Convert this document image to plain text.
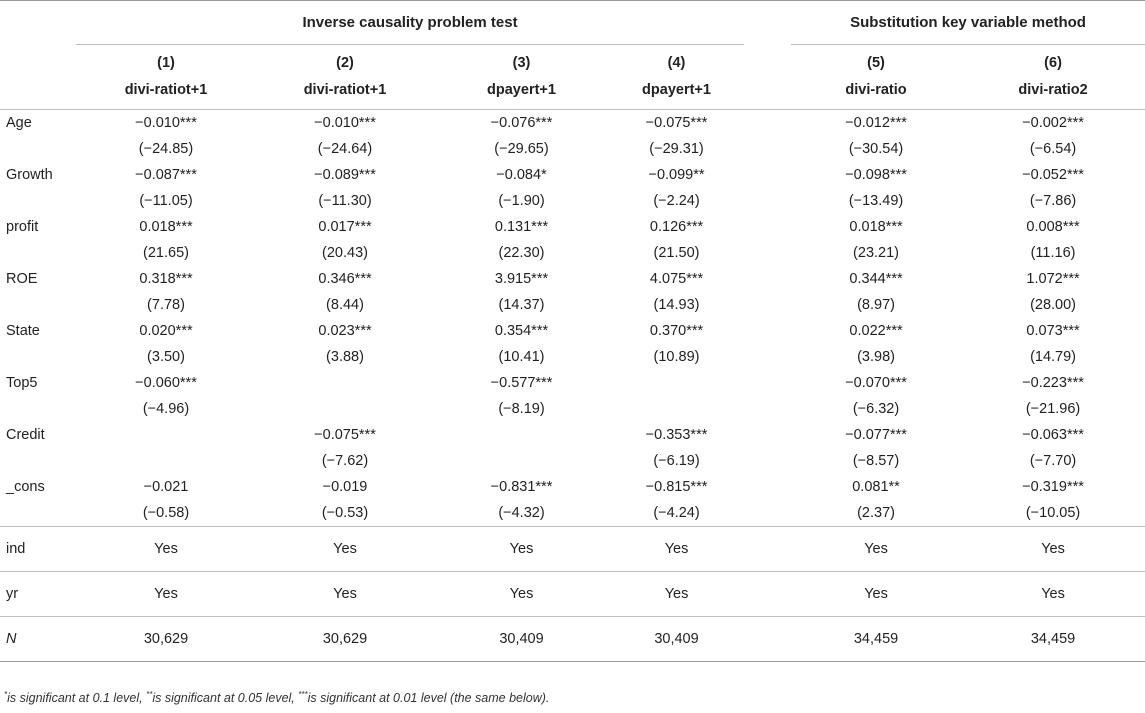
	Inverse causality problem test					Substitution key variable method	
	(1)	(2)	(3)	(4)		(5)	(6)
	divi-ratiot+1	divi-ratiot+1	dpayert+1	dpayert+1		divi-ratio	divi-ratio2
Age	−0.010***	−0.010***	−0.076***	−0.075***		−0.012***	−0.002***
	(−24.85)	(−24.64)	(−29.65)	(−29.31)		(−30.54)	(−6.54)
Growth	−0.087***	−0.089***	−0.084*	−0.099**		−0.098***	−0.052***
	(−11.05)	(−11.30)	(−1.90)	(−2.24)		(−13.49)	(−7.86)
profit	0.018***	0.017***	0.131***	0.126***		0.018***	0.008***
	(21.65)	(20.43)	(22.30)	(21.50)		(23.21)	(11.16)
ROE	0.318***	0.346***	3.915***	4.075***		0.344***	1.072***
	(7.78)	(8.44)	(14.37)	(14.93)		(8.97)	(28.00)
State	0.020***	0.023***	0.354***	0.370***		0.022***	0.073***
	(3.50)	(3.88)	(10.41)	(10.89)		(3.98)	(14.79)
Top5	−0.060***		−0.577***			−0.070***	−0.223***
	(−4.96)		(−8.19)			(−6.32)	(−21.96)
Credit		−0.075***		−0.353***		−0.077***	−0.063***
		(−7.62)		(−6.19)		(−8.57)	(−7.70)
_cons	−0.021	−0.019	−0.831***	−0.815***		0.081**	−0.319***
	(−0.58)	(−0.53)	(−4.32)	(−4.24)		(2.37)	(−10.05)
ind	Yes	Yes	Yes	Yes		Yes	Yes
yr	Yes	Yes	Yes	Yes		Yes	Yes
N	30,629	30,629	30,409	30,409		34,459	34,459
*is significant at 0.1 level, **is significant at 0.05 level, ***is significant at 0.01 level (the same below).
